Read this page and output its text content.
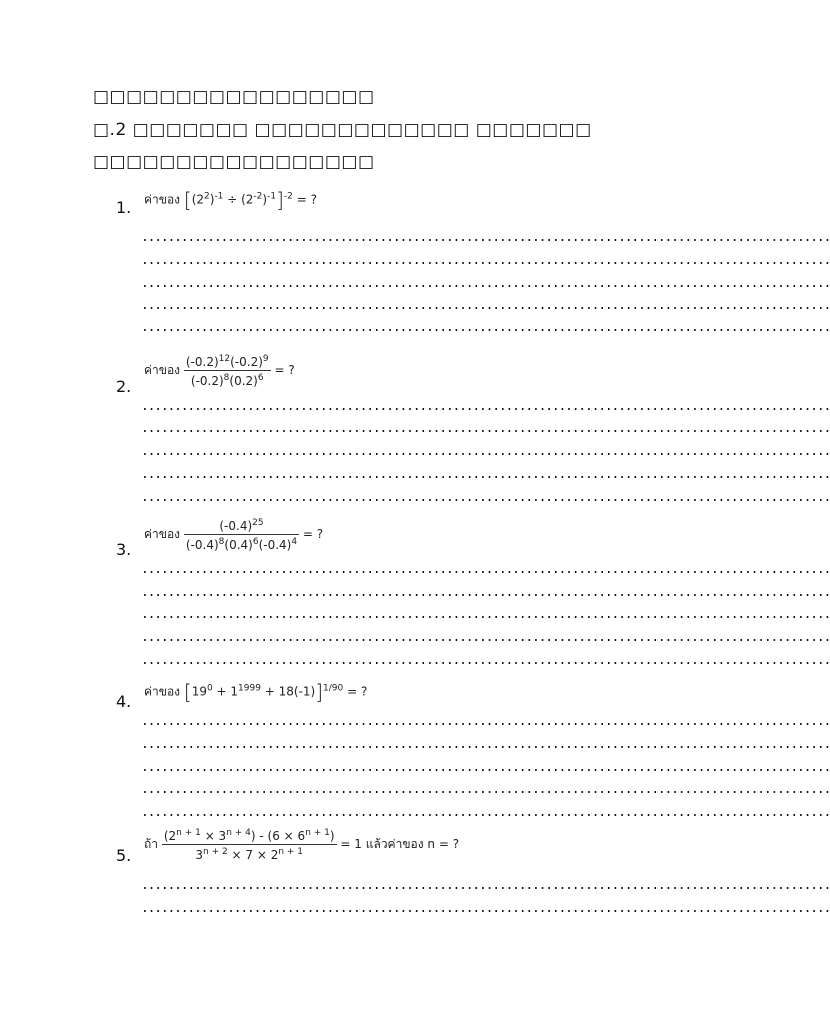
□□□□□□□□□□□□□□□□□
□.2 □□□□□□□ □□□□□□□□□□□□□ □□□□□□□
□□□□□□□□□□□□□□□□□
1. ค่าของ $[(2^2)^{-1} \div (2^{-2})^{-1}]^{-2}$ = ?
........................................................................................................
........................................................................................................
........................................................................................................
........................................................................................................
........................................................................................................
2.
ค่าของ $\frac{(-0.2)^{12}(-0.2)^9}{(-0.2)^8(0.2)^6}$ = ?
........................................................................................................
........................................................................................................
........................................................................................................
........................................................................................................
........................................................................................................
3.
ค่าของ $\frac{(-0.4)^{25}}{(-0.4)^8(0.4)^6(-0.4)^4}$ = ?
........................................................................................................
........................................................................................................
........................................................................................................
........................................................................................................
........................................................................................................
4.
ค่าของ $[19^0 + 1^{1999} + 18(-1)]^{1/90}$ = ?
........................................................................................................
........................................................................................................
........................................................................................................
........................................................................................................
........................................................................................................
5.
ถ้า $\frac{(2^{n + 1} \times 3^{n + 4}) - (6 \times 6^{n + 1})}{3^{n + 2} \times 7 \times 2^{n + 1}} = 1$ แล้วค่าของ n = ?
........................................................................................................
........................................................................................................
